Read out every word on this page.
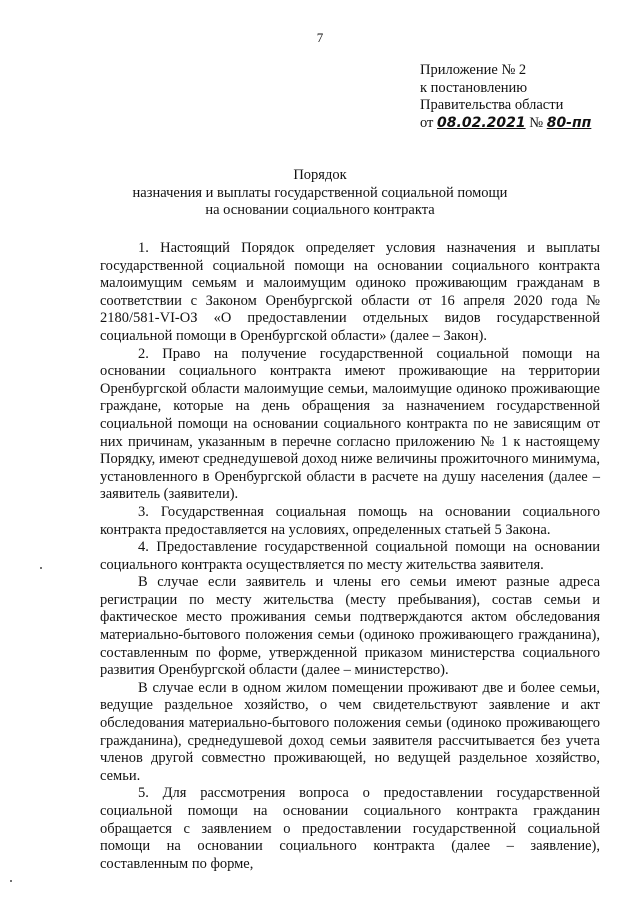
7
Приложение № 2
к постановлению
Правительства области
от 08.02.2021 № 80-пп
Порядок
назначения и выплаты государственной социальной помощи
на основании социального контракта

1. Настоящий Порядок определяет условия назначения и выплаты государственной социальной помощи на основании социального контракта малоимущим семьям и малоимущим одиноко проживающим гражданам в соответствии с Законом Оренбургской области от 16 апреля 2020 года № 2180/581-VI-ОЗ «О предоставлении отдельных видов государственной социальной помощи в Оренбургской области» (далее – Закон).

2. Право на получение государственной социальной помощи на основании социального контракта имеют проживающие на территории Оренбургской области малоимущие семьи, малоимущие одиноко проживающие граждане, которые на день обращения за назначением государственной социальной помощи на основании социального контракта по не зависящим от них причинам, указанным в перечне согласно приложению № 1 к настоящему Порядку, имеют среднедушевой доход ниже величины прожиточного минимума, установленного в Оренбургской области в расчете на душу населения (далее – заявитель (заявители).

3. Государственная социальная помощь на основании социального контракта предоставляется на условиях, определенных статьей 5 Закона.

4. Предоставление государственной социальной помощи на основании социального контракта осуществляется по месту жительства заявителя.

В случае если заявитель и члены его семьи имеют разные адреса регистрации по месту жительства (месту пребывания), состав семьи и фактическое место проживания семьи подтверждаются актом обследования материально-бытового положения семьи (одиноко проживающего гражданина), составленным по форме, утвержденной приказом министерства социального развития Оренбургской области (далее – министерство).

В случае если в одном жилом помещении проживают две и более семьи, ведущие раздельное хозяйство, о чем свидетельствуют заявление и акт обследования материально-бытового положения семьи (одиноко проживающего гражданина), среднедушевой доход семьи заявителя рассчитывается без учета членов другой совместно проживающей, но ведущей раздельное хозяйство, семьи.

5. Для рассмотрения вопроса о предоставлении государственной социальной помощи на основании социального контракта гражданин обращается с заявлением о предоставлении государственной социальной помощи на основании социального контракта (далее – заявление), составленным по форме,
